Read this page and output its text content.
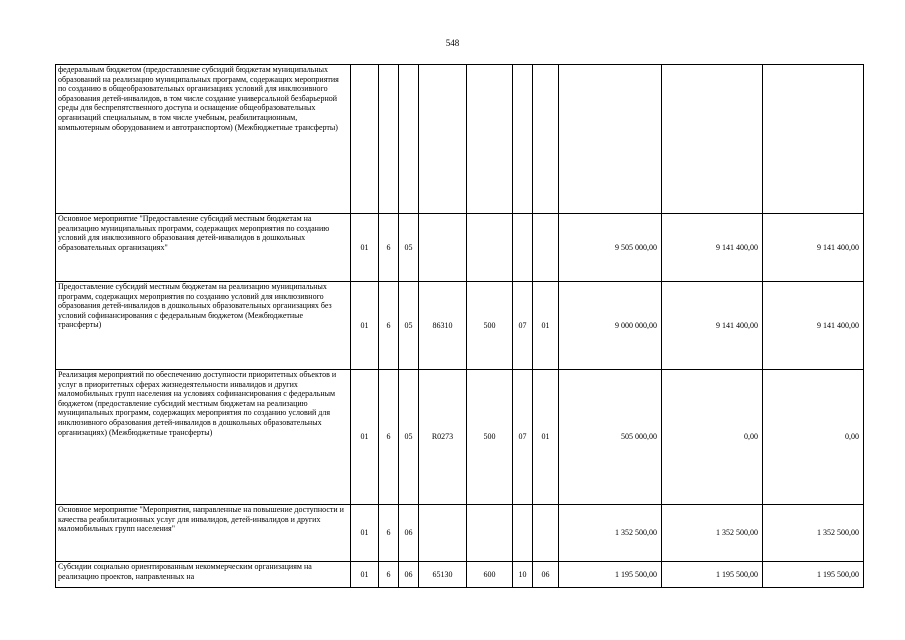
548
федеральным бюджетом (предоставление субсидий бюджетам муниципальных образований на реализацию муниципальных программ, содержащих мероприятия по созданию в общеобразовательных организациях условий для инклюзивного образования детей-инвалидов, в том числе создание универсальной безбарьерной среды для беспрепятственного доступа и оснащение общеобразовательных организаций специальным, в том числе учебным, реабилитационным, компьютерным оборудованием и автотранспортом) (Межбюджетные трансферты)										
Основное мероприятие "Предоставление субсидий местным бюджетам на реализацию муниципальных программ, содержащих мероприятия по созданию условий для инклюзивного образования детей-инвалидов в дошкольных образовательных организациях"	01	6	05					9 505 000,00	9 141 400,00	9 141 400,00
Предоставление субсидий местным бюджетам на реализацию муниципальных программ, содержащих мероприятия по созданию условий для инклюзивного образования детей-инвалидов в дошкольных образовательных организациях без условий софинансирования с федеральным бюджетом (Межбюджетные трансферты)	01	6	05	86310	500	07	01	9 000 000,00	9 141 400,00	9 141 400,00
Реализация мероприятий по обеспечению доступности приоритетных объектов и услуг в приоритетных сферах жизнедеятельности инвалидов и других маломобильных групп населения на условиях софинансирования с федеральным бюджетом (предоставление субсидий местным бюджетам на реализацию муниципальных программ, содержащих мероприятия по созданию условий для инклюзивного образования детей-инвалидов в дошкольных образовательных организациях) (Межбюджетные трансферты)	01	6	05	R0273	500	07	01	505 000,00	0,00	0,00
Основное мероприятие "Мероприятия, направленные на повышение доступности и качества реабилитационных услуг для инвалидов, детей-инвалидов и других маломобильных групп населения"	01	6	06					1 352 500,00	1 352 500,00	1 352 500,00
Субсидии социально ориентированным некоммерческим организациям на реализацию проектов, направленных на	01	6	06	65130	600	10	06	1 195 500,00	1 195 500,00	1 195 500,00
